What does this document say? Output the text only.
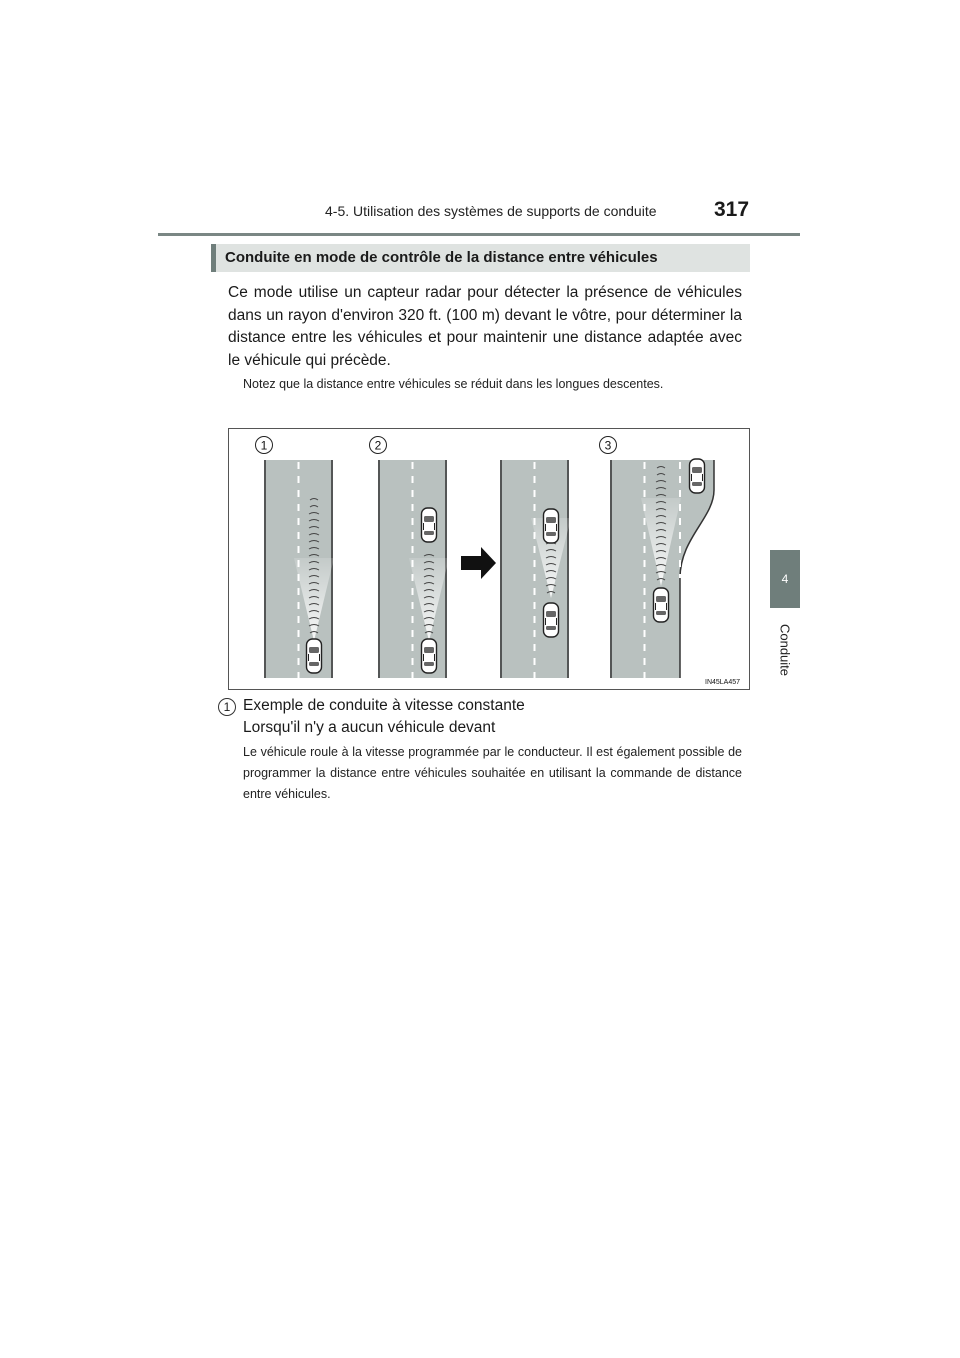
4-5. Utilisation des systèmes de supports de conduite	317
4
Conduite
Conduite en mode de contrôle de la distance entre véhicules
Ce mode utilise un capteur radar pour détecter la présence de véhicules dans un rayon d'environ 320 ft. (100 m) devant le vôtre, pour déterminer la distance entre les véhicules et pour maintenir une distance adaptée avec le véhicule qui précède.
Notez que la distance entre véhicules se réduit dans les longues descentes.
1	2	3
IN45LA457
1 Exemple de conduite à vitesse constante
Lorsqu'il n'y a aucun véhicule devant
Le véhicule roule à la vitesse programmée par le conducteur. Il est également possible de programmer la distance entre véhicules souhaitée en utilisant la commande de distance entre véhicules.
